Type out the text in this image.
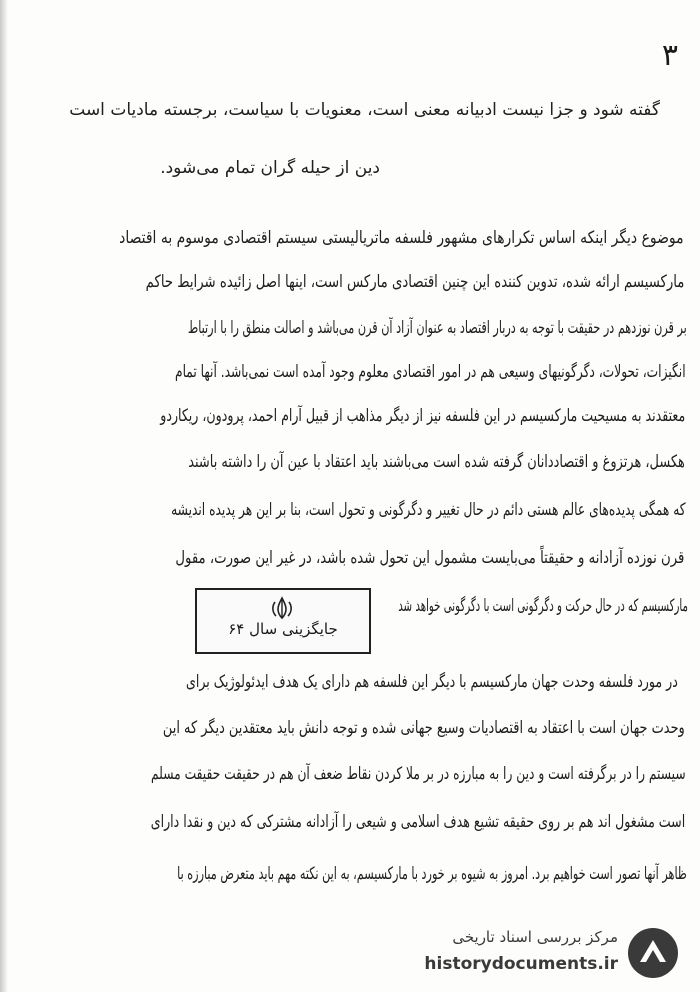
۳
گفته شود و جزا نیست ادبیانه معنی است، معنویات با سیاست، برجسته مادیات است
دین از حیله گران تمام می‌شود.
موضوع دیگر اینکه اساس تکرارهای مشهور فلسفه ماتریالیستی سیستم اقتصادی موسوم به اقتصاد
مارکسیسم ارائه شده، تدوین کننده این چنین اقتصادی مارکس است، اینها اصل زائیده شرایط حاکم
بر قرن نوزدهم در حقیقت با توجه به دربار اقتصاد به عنوان آزاد آن قرن می‌باشد و اصالت منطق را با ارتباط
انگیزات، تحولات، دگرگونیهای وسیعی هم در امور اقتصادی معلوم وجود آمده است نمی‌باشد. آنها تمام
معتقدند به مسیحیت مارکسیسم در این فلسفه نیز از دیگر مذاهب از قبیل آرام احمد، پرودون، ریکاردو
هکسل، هرتزوغ و اقتصاددانان گرفته شده است می‌باشند باید اعتقاد با عین آن را داشته باشند
که همگی پدیده‌های عالم هستی دائم در حال تغییر و دگرگونی و تحول است، بنا بر این هر پدیده اندیشه
قرن نوزده آزادانه و حقیقتاً می‌بایست مشمول این تحول شده باشد، در غیر این صورت، مقول
مارکسیسم که در حال حرکت و دگرگونی است با دگرگونی خواهد شد
جایگزینی سال ۶۴
در مورد فلسفه وحدت جهان مارکسیسم با دیگر این فلسفه هم دارای یک هدف ایدئولوژیک برای
وحدت جهان است با اعتقاد به اقتصادیات وسیع جهانی شده و توجه دانش باید معتقدین دیگر که این
سیستم را در برگرفته است و دین را به مبارزه در بر ملا کردن نقاط ضعف آن هم در حقیقت حقیقت مسلم
است مشغول اند هم بر روی حقیقه تشیع هدف اسلامی و شیعی را آزادانه مشترکی که دین و نقدا دارای
ظاهر آنها تصور است خواهیم برد. امروز به شیوه بر خورد با مارکسیسم، به این نکته مهم باید متعرض مبارزه با
مرکز بررسی اسناد تاریخی
historydocuments.ir
